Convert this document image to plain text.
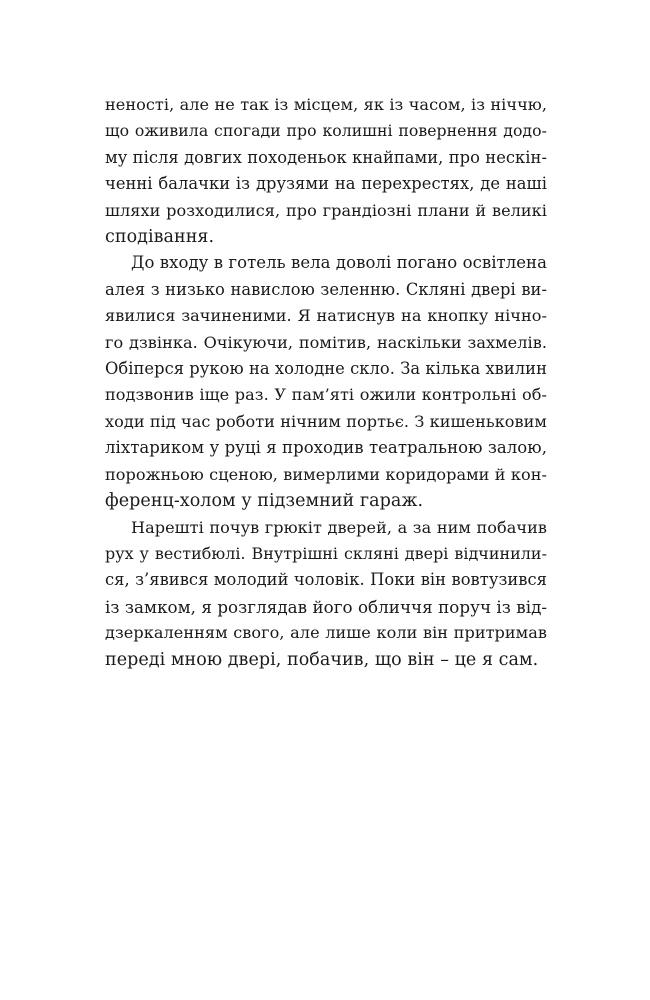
ненoсті, але не так із місцем, як із часом, із ніччю,
що оживила спогади про колишні повернення додо-
му після довгих походеньок кнайпами, про нескін-
ченні балачки із друзями на перехрестях, де наші
шляхи розходилися, про грандіозні плани й великі
сподівання.

До входу в готель вела доволі погано освітлена
алея з низько навислою зеленню. Скляні двері ви-
явилися зачиненими. Я натиснув на кнопку нічно-
го дзвінка. Очікуючи, помітив, наскільки захмелів.
Обіперся рукою на холодне скло. За кілька хвилин
подзвонив іще раз. У пам’яті ожили контрольні об-
ходи під час роботи нічним портьє. З кишеньковим
ліхтариком у руці я проходив театральною залою,
порожньою сценою, вимерлими коридорами й кон-
ференц-холом у підземний гараж.

Нарешті почув грюкіт дверей, а за ним побачив
рух у вестибюлі. Внутрішні скляні двері відчинили-
ся, з’явився молодий чоловік. Поки він вовтузився
із замком, я розглядав його обличчя поруч із від-
дзеркаленням свого, але лише коли він притримав
переді мною двері, побачив, що він – це я сам.
